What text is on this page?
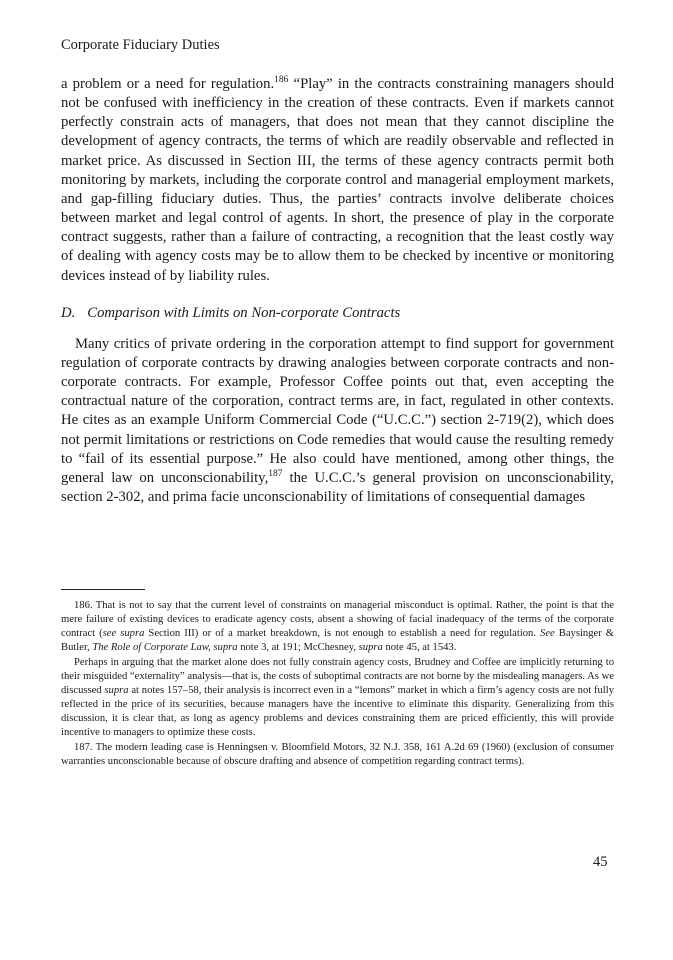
Corporate Fiduciary Duties

a problem or a need for regulation.$^{186}$ “Play” in the contracts constraining managers should not be confused with inefficiency in the creation of these contracts. Even if markets cannot perfectly constrain acts of managers, that does not mean that they cannot discipline the development of agency contracts, the terms of which are readily observable and reflected in market price. As discussed in Section III, the terms of these agency contracts permit both monitoring by markets, including the corporate control and managerial employment markets, and gap-filling fiduciary duties. Thus, the parties’ contracts involve deliberate choices between market and legal control of agents. In short, the presence of play in the corporate contract suggests, rather than a failure of contracting, a recognition that the least costly way of dealing with agency costs may be to allow them to be checked by incentive or monitoring devices instead of by liability rules.

D. Comparison with Limits on Non-corporate Contracts

Many critics of private ordering in the corporation attempt to find support for government regulation of corporate contracts by drawing analogies between corporate contracts and non-corporate contracts. For example, Professor Coffee points out that, even accepting the contractual nature of the corporation, contract terms are, in fact, regulated in other contexts. He cites as an example Uniform Commercial Code (“U.C.C.”) section 2-719(2), which does not permit limitations or restrictions on Code remedies that would cause the resulting remedy to “fail of its essential purpose.” He also could have mentioned, among other things, the general law on unconscionability,$^{187}$ the U.C.C.’s general provision on unconscionability, section 2-302, and prima facie unconscionability of limitations of consequential damages

186. That is not to say that the current level of constraints on managerial misconduct is optimal. Rather, the point is that the mere failure of existing devices to eradicate agency costs, absent a showing of facial inadequacy of the terms of the corporate contract (see supra Section III) or of a market breakdown, is not enough to establish a need for regulation. See Baysinger & Butler, The Role of Corporate Law, supra note 3, at 191; McChesney, supra note 45, at 1543.

Perhaps in arguing that the market alone does not fully constrain agency costs, Brudney and Coffee are implicitly returning to their misguided “externality” analysis—that is, the costs of suboptimal contracts are not borne by the misdealing managers. As we discussed supra at notes 157–58, their analysis is incorrect even in a “lemons” market in which a firm’s agency costs are not fully reflected in the price of its securities, because managers have the incentive to eliminate this disparity. Generalizing from this discussion, it is clear that, as long as agency problems and devices constraining them are priced efficiently, this will provide incentive to managers to optimize these costs.

187. The modern leading case is Henningsen v. Bloomfield Motors, 32 N.J. 358, 161 A.2d 69 (1960) (exclusion of consumer warranties unconscionable because of obscure drafting and absence of competition regarding contract terms).

45
